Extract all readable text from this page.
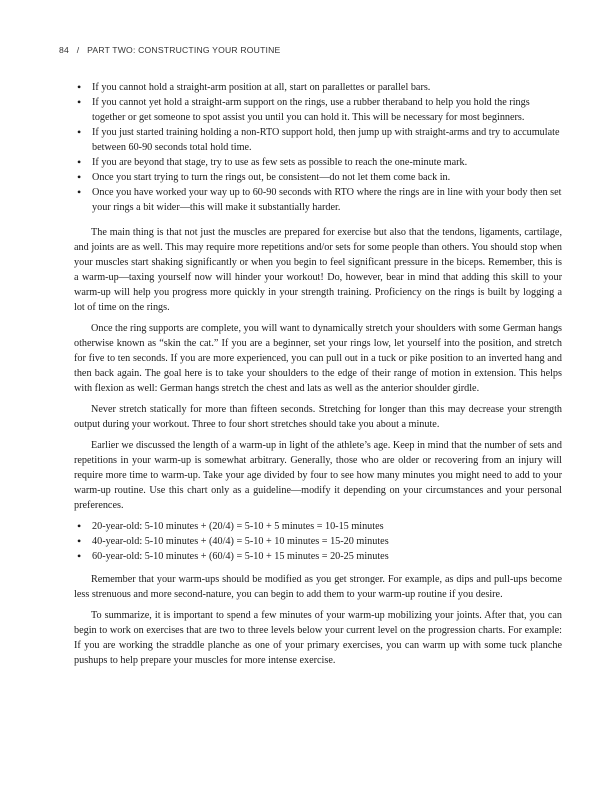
84 / PART TWO: CONSTRUCTING YOUR ROUTINE
• If you cannot hold a straight-arm position at all, start on parallettes or parallel bars.
• If you cannot yet hold a straight-arm support on the rings, use a rubber theraband to help you hold the rings together or get someone to spot assist you until you can hold it. This will be necessary for most beginners.
• If you just started training holding a non-RTO support hold, then jump up with straight-arms and try to accumulate between 60-90 seconds total hold time.
• If you are beyond that stage, try to use as few sets as possible to reach the one-minute mark.
• Once you start trying to turn the rings out, be consistent—do not let them come back in.
• Once you have worked your way up to 60-90 seconds with RTO where the rings are in line with your body then set your rings a bit wider—this will make it substantially harder.

The main thing is that not just the muscles are prepared for exercise but also that the tendons, ligaments, cartilage, and joints are as well. This may require more repetitions and/or sets for some people than others. You should stop when your muscles start shaking significantly or when you begin to feel significant pressure in the biceps. Remember, this is a warm-up—taxing yourself now will hinder your workout! Do, however, bear in mind that adding this skill to your warm-up will help you progress more quickly in your strength training. Proficiency on the rings is built by logging a lot of time on the rings.

Once the ring supports are complete, you will want to dynamically stretch your shoulders with some German hangs otherwise known as “skin the cat.” If you are a beginner, set your rings low, let yourself into the position, and stretch for five to ten seconds. If you are more experienced, you can pull out in a tuck or pike position to an inverted hang and then back again. The goal here is to take your shoulders to the edge of their range of motion in extension. This helps with flexion as well: German hangs stretch the chest and lats as well as the anterior shoulder girdle.

Never stretch statically for more than fifteen seconds. Stretching for longer than this may decrease your strength output during your workout. Three to four short stretches should take you about a minute.

Earlier we discussed the length of a warm-up in light of the athlete’s age. Keep in mind that the number of sets and repetitions in your warm-up is somewhat arbitrary. Generally, those who are older or recovering from an injury will require more time to warm-up. Take your age divided by four to see how many minutes you might need to add to your warm-up routine. Use this chart only as a guideline—modify it depending on your circumstances and your personal preferences.

• 20-year-old: 5-10 minutes + (20/4) = 5-10 + 5 minutes = 10-15 minutes
• 40-year-old: 5-10 minutes + (40/4) = 5-10 + 10 minutes = 15-20 minutes
• 60-year-old: 5-10 minutes + (60/4) = 5-10 + 15 minutes = 20-25 minutes

Remember that your warm-ups should be modified as you get stronger. For example, as dips and pull-ups become less strenuous and more second-nature, you can begin to add them to your warm-up routine if you desire.

To summarize, it is important to spend a few minutes of your warm-up mobilizing your joints. After that, you can begin to work on exercises that are two to three levels below your current level on the progression charts. For example: If you are working the straddle planche as one of your primary exercises, you can warm up with some tuck planche pushups to help prepare your muscles for more intense exercise.
